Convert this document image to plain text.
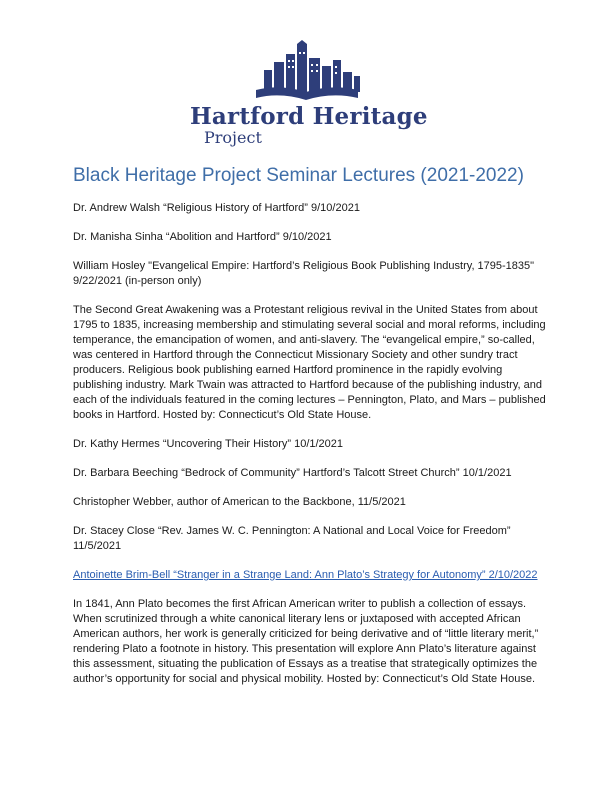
Hartford Heritage
Project
Black Heritage Project Seminar Lectures (2021-2022)

Dr. Andrew Walsh “Religious History of Hartford” 9/10/2021

Dr. Manisha Sinha “Abolition and Hartford” 9/10/2021

William Hosley "Evangelical Empire: Hartford’s Religious Book Publishing Industry, 1795-1835" 9/22/2021 (in-person only)

The Second Great Awakening was a Protestant religious revival in the United States from about 1795 to 1835, increasing membership and stimulating several social and moral reforms, including temperance, the emancipation of women, and anti-slavery. The “evangelical empire,” so-called, was centered in Hartford through the Connecticut Missionary Society and other sundry tract producers. Religious book publishing earned Hartford prominence in the rapidly evolving publishing industry. Mark Twain was attracted to Hartford because of the publishing industry, and each of the individuals featured in the coming lectures – Pennington, Plato, and Mars – published books in Hartford. Hosted by: Connecticut’s Old State House.

Dr. Kathy Hermes “Uncovering Their History” 10/1/2021

Dr. Barbara Beeching “Bedrock of Community” Hartford’s Talcott Street Church” 10/1/2021

Christopher Webber, author of American to the Backbone, 11/5/2021

Dr. Stacey Close “Rev. James W. C. Pennington: A National and Local Voice for Freedom” 11/5/2021

Antoinette Brim-Bell “Stranger in a Strange Land: Ann Plato’s Strategy for Autonomy” 2/10/2022

In 1841, Ann Plato becomes the first African American writer to publish a collection of essays. When scrutinized through a white canonical literary lens or juxtaposed with accepted African American authors, her work is generally criticized for being derivative and of “little literary merit,” rendering Plato a footnote in history. This presentation will explore Ann Plato’s literature against this assessment, situating the publication of Essays as a treatise that strategically optimizes the author’s opportunity for social and physical mobility. Hosted by: Connecticut’s Old State House.
